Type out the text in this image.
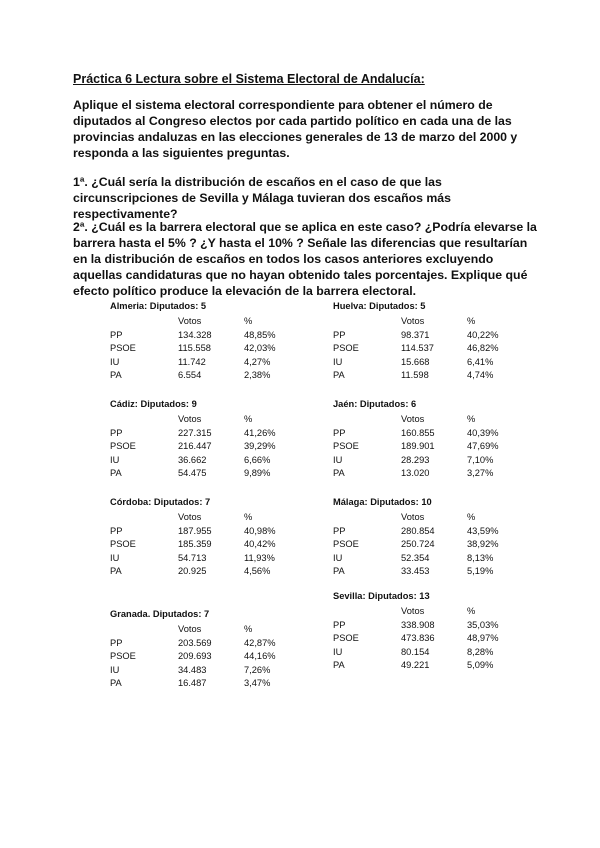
Práctica 6 Lectura sobre el Sistema Electoral de Andalucía:
Aplique el sistema electoral correspondiente para obtener el número de diputados al Congreso electos por cada partido político en cada una de las provincias andaluzas en las elecciones generales de 13 de marzo del 2000 y responda a las siguientes preguntas.
1ª. ¿Cuál sería la distribución de escaños en el caso de que las circunscripciones de Sevilla y Málaga tuvieran dos escaños más respectivamente?
2ª. ¿Cuál es la barrera electoral que se aplica en este caso? ¿Podría elevarse la barrera hasta el 5% ? ¿Y hasta el 10% ? Señale las diferencias que resultarían en la distribución de escaños en todos los casos anteriores excluyendo aquellas candidaturas que no hayan obtenido tales porcentajes. Explique qué efecto político produce la elevación de la barrera electoral.
Almeria: Diputados: 5
Votos	%
PP	134.328	48,85%
PSOE	115.558	42,03%
IU	11.742	4,27%
PA	6.554	2,38%
Cádiz: Diputados: 9
Votos	%
PP	227.315	41,26%
PSOE	216.447	39,29%
IU	36.662	6,66%
PA	54.475	9,89%
Córdoba: Diputados: 7
Votos	%
PP	187.955	40,98%
PSOE	185.359	40,42%
IU	54.713	11,93%
PA	20.925	4,56%
Granada. Diputados: 7
Votos	%
PP	203.569	42,87%
PSOE	209.693	44,16%
IU	34.483	7,26%
PA	16.487	3,47%
Huelva: Diputados: 5
Votos	%
PP	98.371	40,22%
PSOE	114.537	46,82%
IU	15.668	6,41%
PA	11.598	4,74%
Jaén: Diputados: 6
Votos	%
PP	160.855	40,39%
PSOE	189.901	47,69%
IU	28.293	7,10%
PA	13.020	3,27%
Málaga: Diputados: 10
Votos	%
PP	280.854	43,59%
PSOE	250.724	38,92%
IU	52.354	8,13%
PA	33.453	5,19%
Sevilla: Diputados: 13
Votos	%
PP	338.908	35,03%
PSOE	473.836	48,97%
IU	80.154	8,28%
PA	49.221	5,09%
